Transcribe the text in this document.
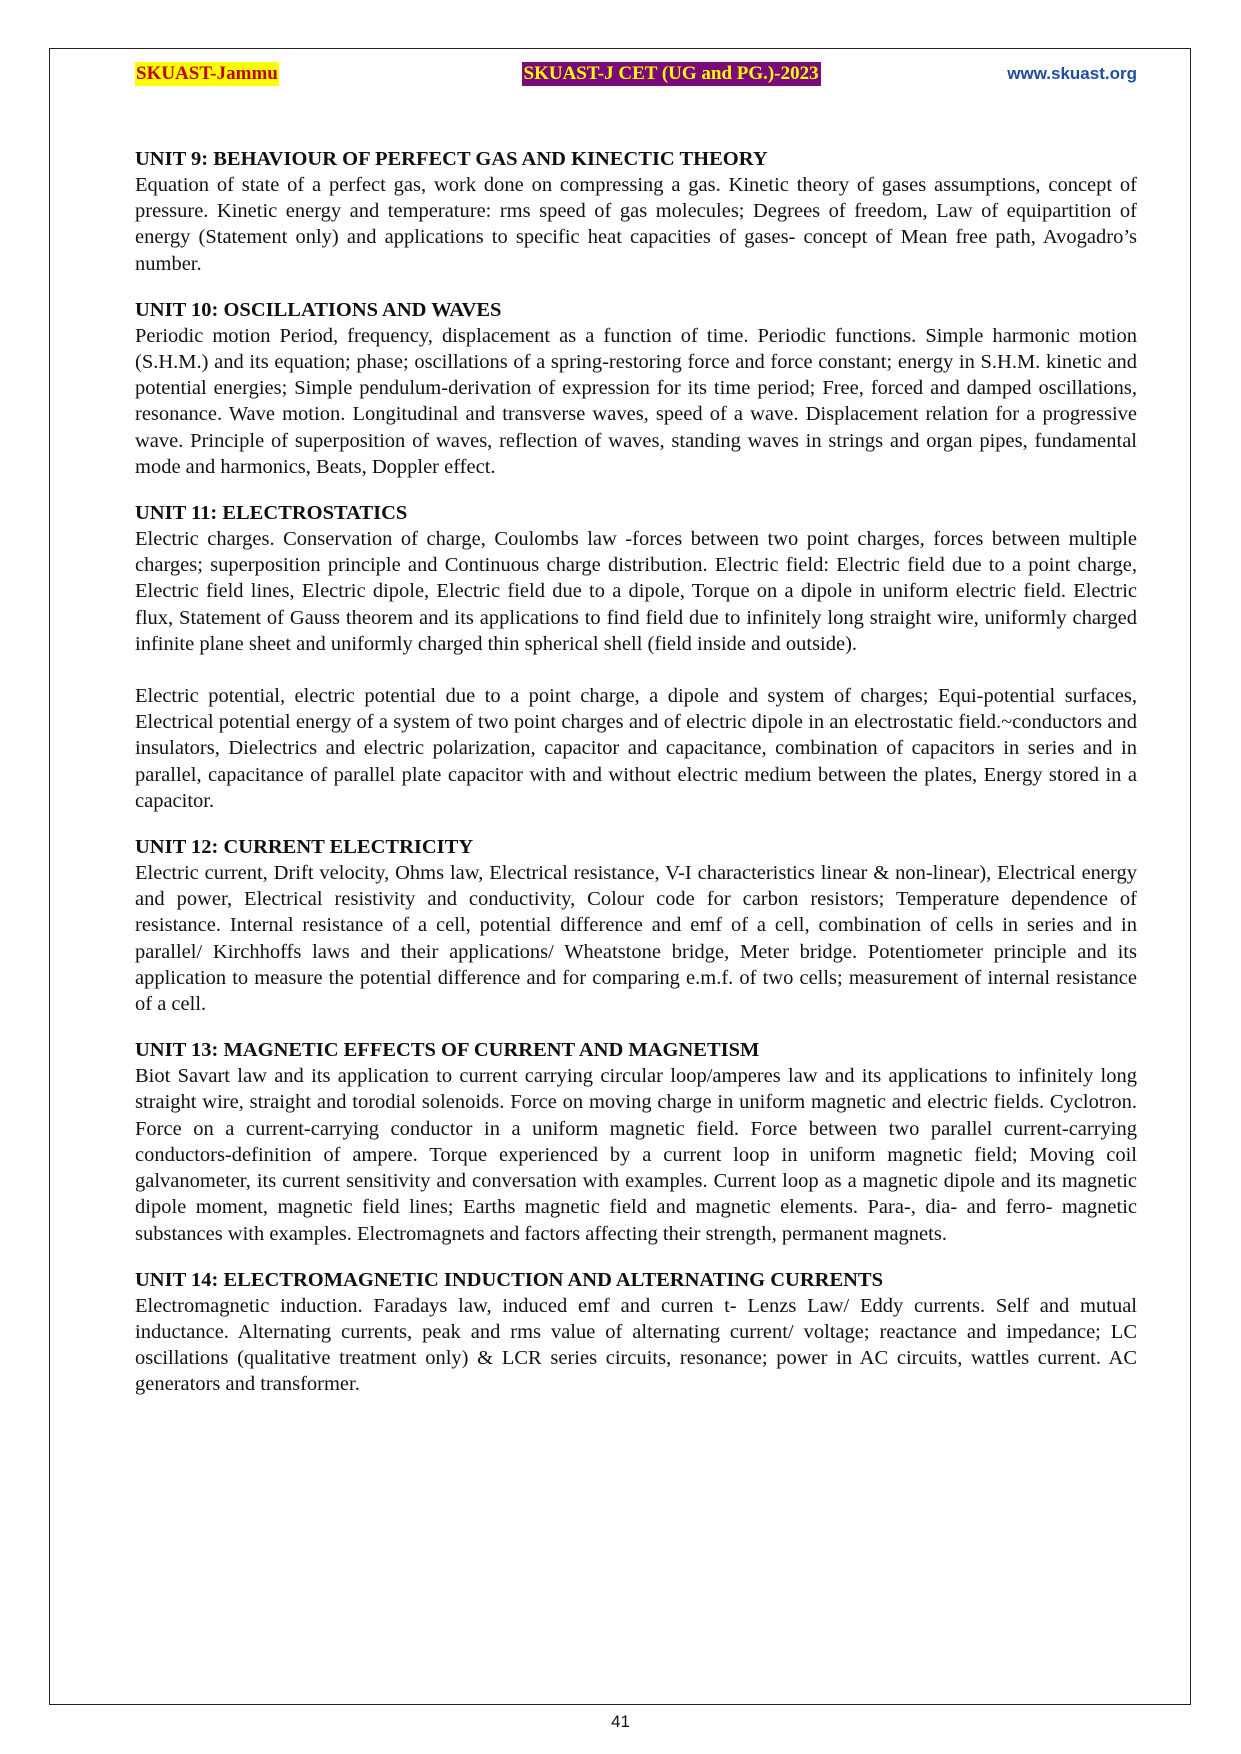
SKUAST-Jammu	SKUAST-J CET (UG and PG.)-2023	www.skuast.org

UNIT 9: BEHAVIOUR OF PERFECT GAS AND KINECTIC THEORY

Equation of state of a perfect gas, work done on compressing a gas. Kinetic theory of gases assumptions, concept of pressure. Kinetic energy and temperature: rms speed of gas molecules; Degrees of freedom, Law of equipartition of energy (Statement only) and applications to specific heat capacities of gases- concept of Mean free path, Avogadro’s number.

UNIT 10: OSCILLATIONS AND WAVES

Periodic motion Period, frequency, displacement as a function of time. Periodic functions. Simple harmonic motion (S.H.M.) and its equation; phase; oscillations of a spring-restoring force and force constant; energy in S.H.M. kinetic and potential energies; Simple pendulum-derivation of expression for its time period; Free, forced and damped oscillations, resonance. Wave motion. Longitudinal and transverse waves, speed of a wave. Displacement relation for a progressive wave. Principle of superposition of waves, reflection of waves, standing waves in strings and organ pipes, fundamental mode and harmonics, Beats, Doppler effect.

UNIT 11: ELECTROSTATICS

Electric charges. Conservation of charge, Coulombs law -forces between two point charges, forces between multiple charges; superposition principle and Continuous charge distribution. Electric field: Electric field due to a point charge, Electric field lines, Electric dipole, Electric field due to a dipole, Torque on a dipole in uniform electric field. Electric flux, Statement of Gauss theorem and its applications to find field due to infinitely long straight wire, uniformly charged infinite plane sheet and uniformly charged thin spherical shell (field inside and outside).

Electric potential, electric potential due to a point charge, a dipole and system of charges; Equi-potential surfaces, Electrical potential energy of a system of two point charges and of electric dipole in an electrostatic field.~conductors and insulators, Dielectrics and electric polarization, capacitor and capacitance, combination of capacitors in series and in parallel, capacitance of parallel plate capacitor with and without electric medium between the plates, Energy stored in a capacitor.

UNIT 12: CURRENT ELECTRICITY

Electric current, Drift velocity, Ohms law, Electrical resistance, V-I characteristics linear & non-linear), Electrical energy and power, Electrical resistivity and conductivity, Colour code for carbon resistors; Temperature dependence of resistance. Internal resistance of a cell, potential difference and emf of a cell, combination of cells in series and in parallel/ Kirchhoffs laws and their applications/ Wheatstone bridge, Meter bridge. Potentiometer principle and its application to measure the potential difference and for comparing e.m.f. of two cells; measurement of internal resistance of a cell.

UNIT 13: MAGNETIC EFFECTS OF CURRENT AND MAGNETISM

Biot Savart law and its application to current carrying circular loop/amperes law and its applications to infinitely long straight wire, straight and torodial solenoids. Force on moving charge in uniform magnetic and electric fields. Cyclotron. Force on a current-carrying conductor in a uniform magnetic field. Force between two parallel current-carrying conductors-definition of ampere. Torque experienced by a current loop in uniform magnetic field; Moving coil galvanometer, its current sensitivity and conversation with examples. Current loop as a magnetic dipole and its magnetic dipole moment, magnetic field lines; Earths magnetic field and magnetic elements. Para-, dia- and ferro- magnetic substances with examples. Electromagnets and factors affecting their strength, permanent magnets.

UNIT 14: ELECTROMAGNETIC INDUCTION AND ALTERNATING CURRENTS

Electromagnetic induction. Faradays law, induced emf and curren t- Lenzs Law/ Eddy currents. Self and mutual inductance. Alternating currents, peak and rms value of alternating current/ voltage; reactance and impedance; LC oscillations (qualitative treatment only) & LCR series circuits, resonance; power in AC circuits, wattles current. AC generators and transformer.

41
